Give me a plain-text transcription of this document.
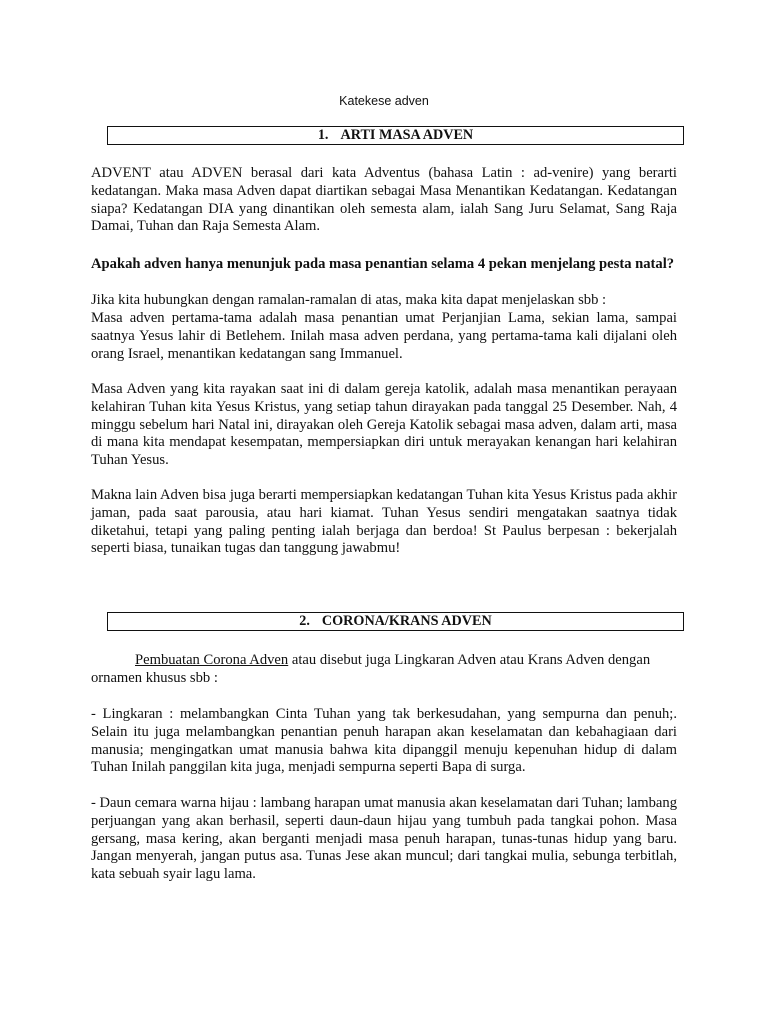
Katekese adven
1. ARTI MASA ADVEN

ADVENT atau ADVEN berasal dari kata Adventus (bahasa Latin : ad-venire) yang berarti kedatangan. Maka masa Adven dapat diartikan sebagai Masa Menantikan Kedatangan. Kedatangan siapa? Kedatangan DIA yang dinantikan oleh semesta alam, ialah Sang Juru Selamat, Sang Raja Damai, Tuhan dan Raja Semesta Alam.

Apakah adven hanya menunjuk pada masa penantian selama 4 pekan menjelang pesta natal?

Jika kita hubungkan dengan ramalan-ramalan di atas, maka kita dapat menjelaskan sbb :

Masa adven pertama-tama adalah masa penantian umat Perjanjian Lama, sekian lama, sampai saatnya Yesus lahir di Betlehem. Inilah masa adven perdana, yang pertama-tama kali dijalani oleh orang Israel, menantikan kedatangan sang Immanuel.

Masa Adven yang kita rayakan saat ini di dalam gereja katolik, adalah masa menantikan perayaan kelahiran Tuhan kita Yesus Kristus, yang setiap tahun dirayakan pada tanggal 25 Desember. Nah, 4 minggu sebelum hari Natal ini, dirayakan oleh Gereja Katolik sebagai masa adven, dalam arti, masa di mana kita mendapat kesempatan, mempersiapkan diri untuk merayakan kenangan hari kelahiran Tuhan Yesus.

Makna lain Adven bisa juga berarti mempersiapkan kedatangan Tuhan kita Yesus Kristus pada akhir jaman, pada saat parousia, atau hari kiamat. Tuhan Yesus sendiri mengatakan saatnya tidak diketahui, tetapi yang paling penting ialah berjaga dan berdoa! St Paulus berpesan : bekerjalah seperti biasa, tunaikan tugas dan tanggung jawabmu!

2. CORONA/KRANS ADVEN

Pembuatan Corona Adven atau disebut juga Lingkaran Adven atau Krans Adven dengan ornamen khusus sbb :

- Lingkaran : melambangkan Cinta Tuhan yang tak berkesudahan, yang sempurna dan penuh;. Selain itu juga melambangkan penantian penuh harapan akan keselamatan dan kebahagiaan dari manusia; mengingatkan umat manusia bahwa kita dipanggil menuju kepenuhan hidup di dalam Tuhan Inilah panggilan kita juga, menjadi sempurna seperti Bapa di surga.

- Daun cemara warna hijau : lambang harapan umat manusia akan keselamatan dari Tuhan; lambang perjuangan yang akan berhasil, seperti daun-daun hijau yang tumbuh pada tangkai pohon. Masa gersang, masa kering, akan berganti menjadi masa penuh harapan, tunas-tunas hidup yang baru. Jangan menyerah, jangan putus asa. Tunas Jese akan muncul; dari tangkai mulia, sebunga terbitlah, kata sebuah syair lagu lama.
